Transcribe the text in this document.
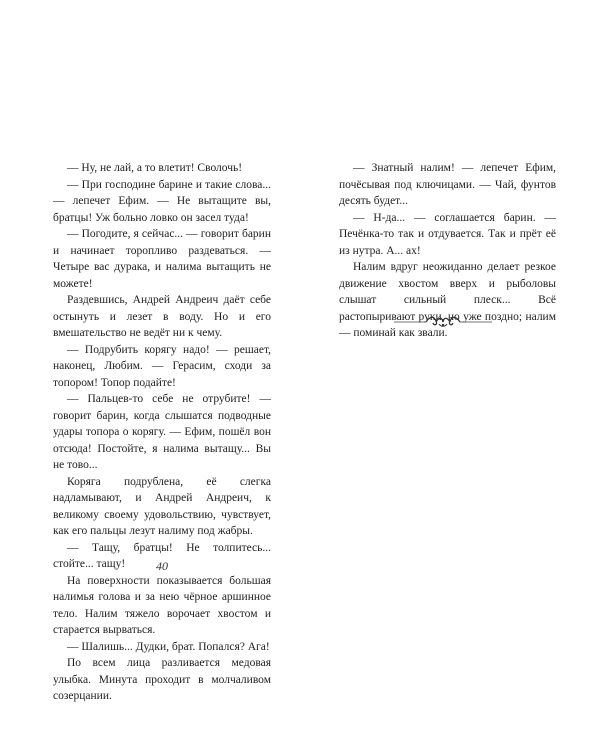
— Ну, не лай, а то влетит! Сволочь!

— При господине барине и такие слова... — лепечет Ефим. — Не вытащите вы, братцы! Уж больно ловко он засел туда!

— Погодите, я сейчас... — говорит барин и начинает торопливо раздеваться. — Четыре вас дурака, и налима вытащить не можете!

Раздевшись, Андрей Андреич даёт себе остынуть и лезет в воду. Но и его вмешательство не ведёт ни к чему.

— Подрубить корягу надо! — решает, наконец, Любим. — Герасим, сходи за топором! Топор подайте!

— Пальцев-то себе не отрубите! — говорит барин, когда слышатся подводные удары топора о корягу. — Ефим, пошёл вон отсюда! Постойте, я налима вытащу... Вы не тово...

Коряга подрублена, её слегка надламывают, и Андрей Андреич, к великому своему удовольствию, чувствует, как его пальцы лезут налиму под жабры.

— Тащу, братцы! Не толпитесь... стойте... тащу!

На поверхности показывается большая налимья голова и за нею чёрное аршинное тело. Налим тяжело ворочает хвостом и старается вырваться.

— Шалишь... Дудки, брат. Попался? Ага!

По всем лица разливается медовая улыбка. Минута проходит в молчаливом созерцании.

40

— Знатный налим! — лепечет Ефим, почёсывая под ключицами. — Чай, фунтов десять будет...

— Н-да... — соглашается барин. — Печёнка-то так и отдувается. Так и прёт её из нутра. А... ах!

Налим вдруг неожиданно делает резкое движение хвостом вверх и рыболовы слышат сильный плеск... Всё растопыривают руки, но уже поздно; налим — поминай как звали.
